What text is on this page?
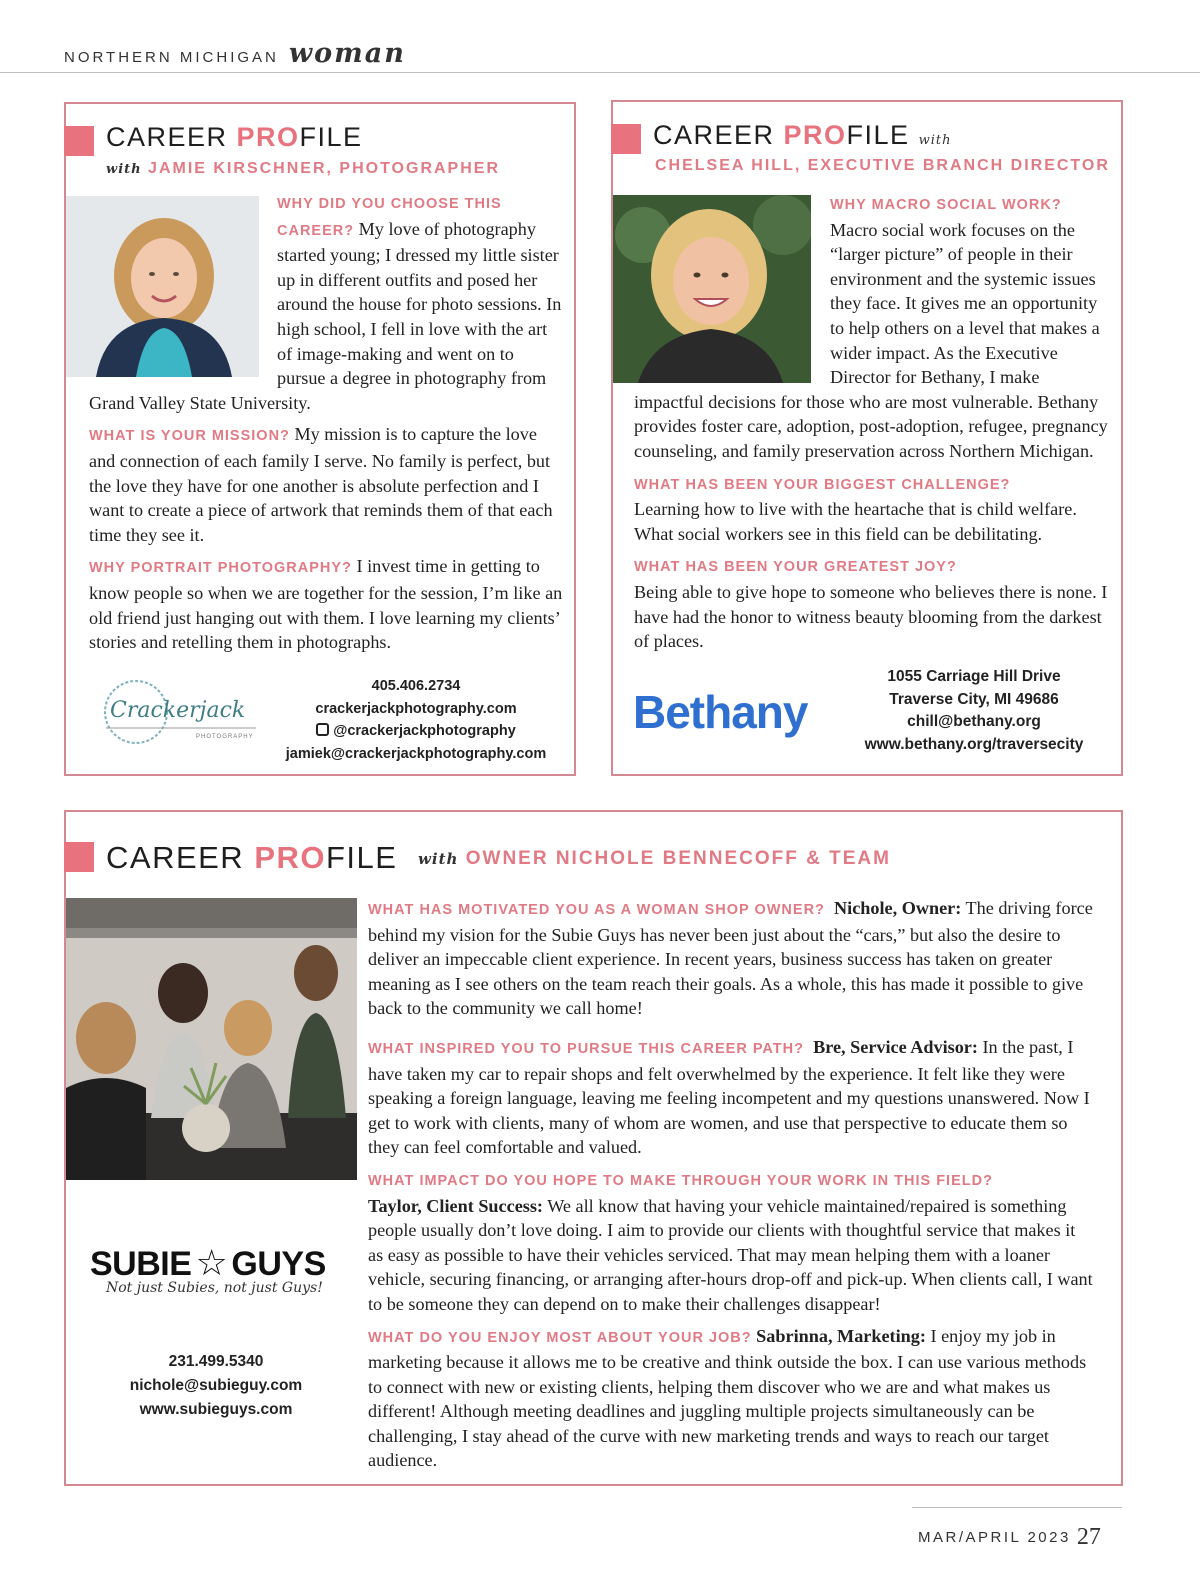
NORTHERN MICHIGAN woman
CAREER PROFILE
with JAMIE KIRSCHNER, PHOTOGRAPHER

WHY DID YOU CHOOSE THIS CAREER? My love of photography started young; I dressed my little sister up in different outfits and posed her around the house for photo sessions. In high school, I fell in love with the art of image-making and went on to pursue a degree in photography from Grand Valley State University.

WHAT IS YOUR MISSION? My mission is to capture the love and connection of each family I serve. No family is perfect, but the love they have for one another is absolute perfection and I want to create a piece of artwork that reminds them of that each time they see it.

WHY PORTRAIT PHOTOGRAPHY? I invest time in getting to know people so when we are together for the session, I’m like an old friend just hanging out with them. I love learning my clients’ stories and retelling them in photographs.

Crackerjack
PHOTOGRAPHY
405.406.2734
crackerjackphotography.com
@crackerjackphotography
jamiek@crackerjackphotography.com
CAREER PROFILE with
CHELSEA HILL, EXECUTIVE BRANCH DIRECTOR

WHY MACRO SOCIAL WORK?
Macro social work focuses on the “larger picture” of people in their environment and the systemic issues they face. It gives me an opportunity to help others on a level that makes a wider impact. As the Executive Director for Bethany, I make impactful decisions for those who are most vulnerable. Bethany provides foster care, adoption, post-adoption, refugee, pregnancy counseling, and family preservation across Northern Michigan.

WHAT HAS BEEN YOUR BIGGEST CHALLENGE?
Learning how to live with the heartache that is child welfare. What social workers see in this field can be debilitating.

WHAT HAS BEEN YOUR GREATEST JOY?
Being able to give hope to someone who believes there is none. I have had the honor to witness beauty blooming from the darkest of places.

Bethany
1055 Carriage Hill Drive
Traverse City, MI 49686
chill@bethany.org
www.bethany.org/traversecity
CAREER PROFILE with OWNER NICHOLE BENNECOFF & TEAM
SUBIE ☆ GUYS
Not just Subies, not just Guys!
231.499.5340
nichole@subieguy.com
www.subieguys.com

WHAT HAS MOTIVATED YOU AS A WOMAN SHOP OWNER? Nichole, Owner: The driving force behind my vision for the Subie Guys has never been just about the “cars,” but also the desire to deliver an impeccable client experience. In recent years, business success has taken on greater meaning as I see others on the team reach their goals. As a whole, this has made it possible to give back to the community we call home!

WHAT INSPIRED YOU TO PURSUE THIS CAREER PATH? Bre, Service Advisor: In the past, I have taken my car to repair shops and felt overwhelmed by the experience. It felt like they were speaking a foreign language, leaving me feeling incompetent and my questions unanswered. Now I get to work with clients, many of whom are women, and use that perspective to educate them so they can feel comfortable and valued.

WHAT IMPACT DO YOU HOPE TO MAKE THROUGH YOUR WORK IN THIS FIELD?
Taylor, Client Success: We all know that having your vehicle maintained/repaired is something people usually don’t love doing. I aim to provide our clients with thoughtful service that makes it as easy as possible to have their vehicles serviced. That may mean helping them with a loaner vehicle, securing financing, or arranging after-hours drop-off and pick-up. When clients call, I want to be someone they can depend on to make their challenges disappear!

WHAT DO YOU ENJOY MOST ABOUT YOUR JOB? Sabrinna, Marketing: I enjoy my job in marketing because it allows me to be creative and think outside the box. I can use various methods to connect with new or existing clients, helping them discover who we are and what makes us different! Although meeting deadlines and juggling multiple projects simultaneously can be challenging, I stay ahead of the curve with new marketing trends and ways to reach our target audience.

MAR/APRIL 2023 27
